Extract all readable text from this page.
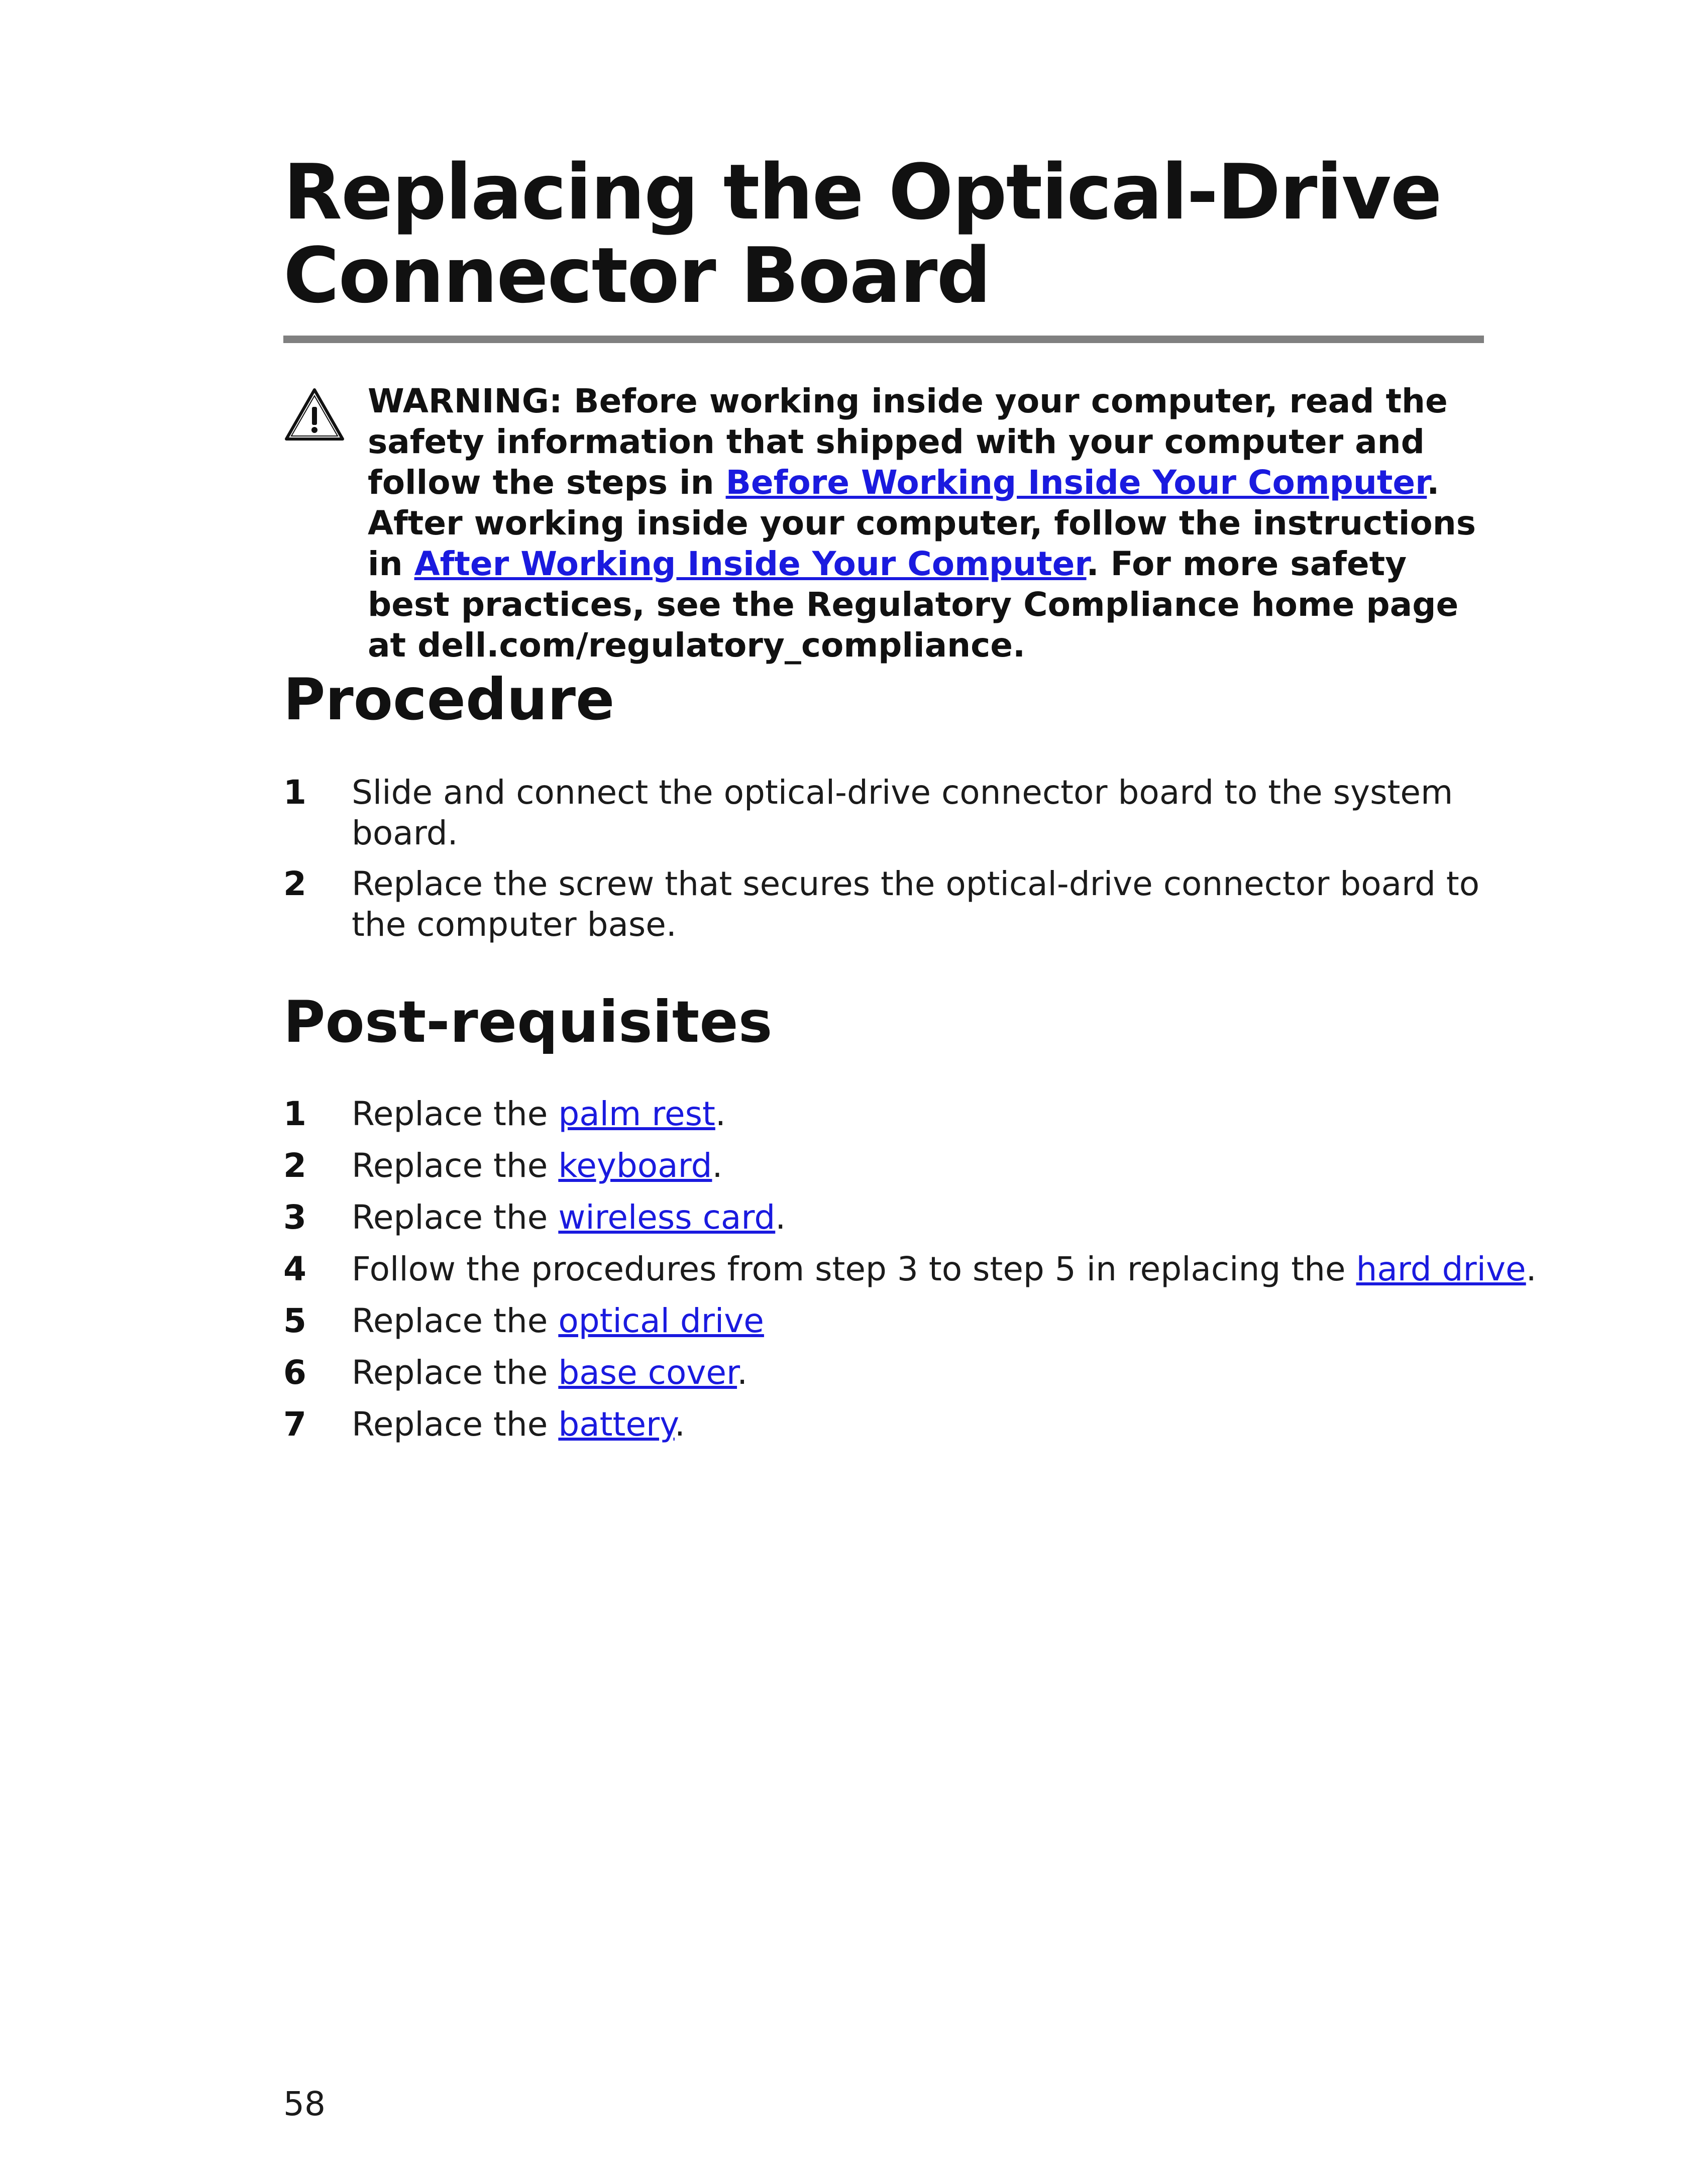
Replacing the Optical-Drive Connector Board
WARNING: Before working inside your computer, read the safety information that shipped with your computer and follow the steps in Before Working Inside Your Computer. After working inside your computer, follow the instructions in After Working Inside Your Computer. For more safety best practices, see the Regulatory Compliance home page at dell.com/regulatory_compliance.
Procedure
1 Slide and connect the optical-drive connector board to the system board.
2 Replace the screw that secures the optical-drive connector board to the computer base.
Post-requisites
1 Replace the palm rest.
2 Replace the keyboard.
3 Replace the wireless card.
4 Follow the procedures from step 3 to step 5 in replacing the hard drive.
5 Replace the optical drive
6 Replace the base cover.
7 Replace the battery.
58
